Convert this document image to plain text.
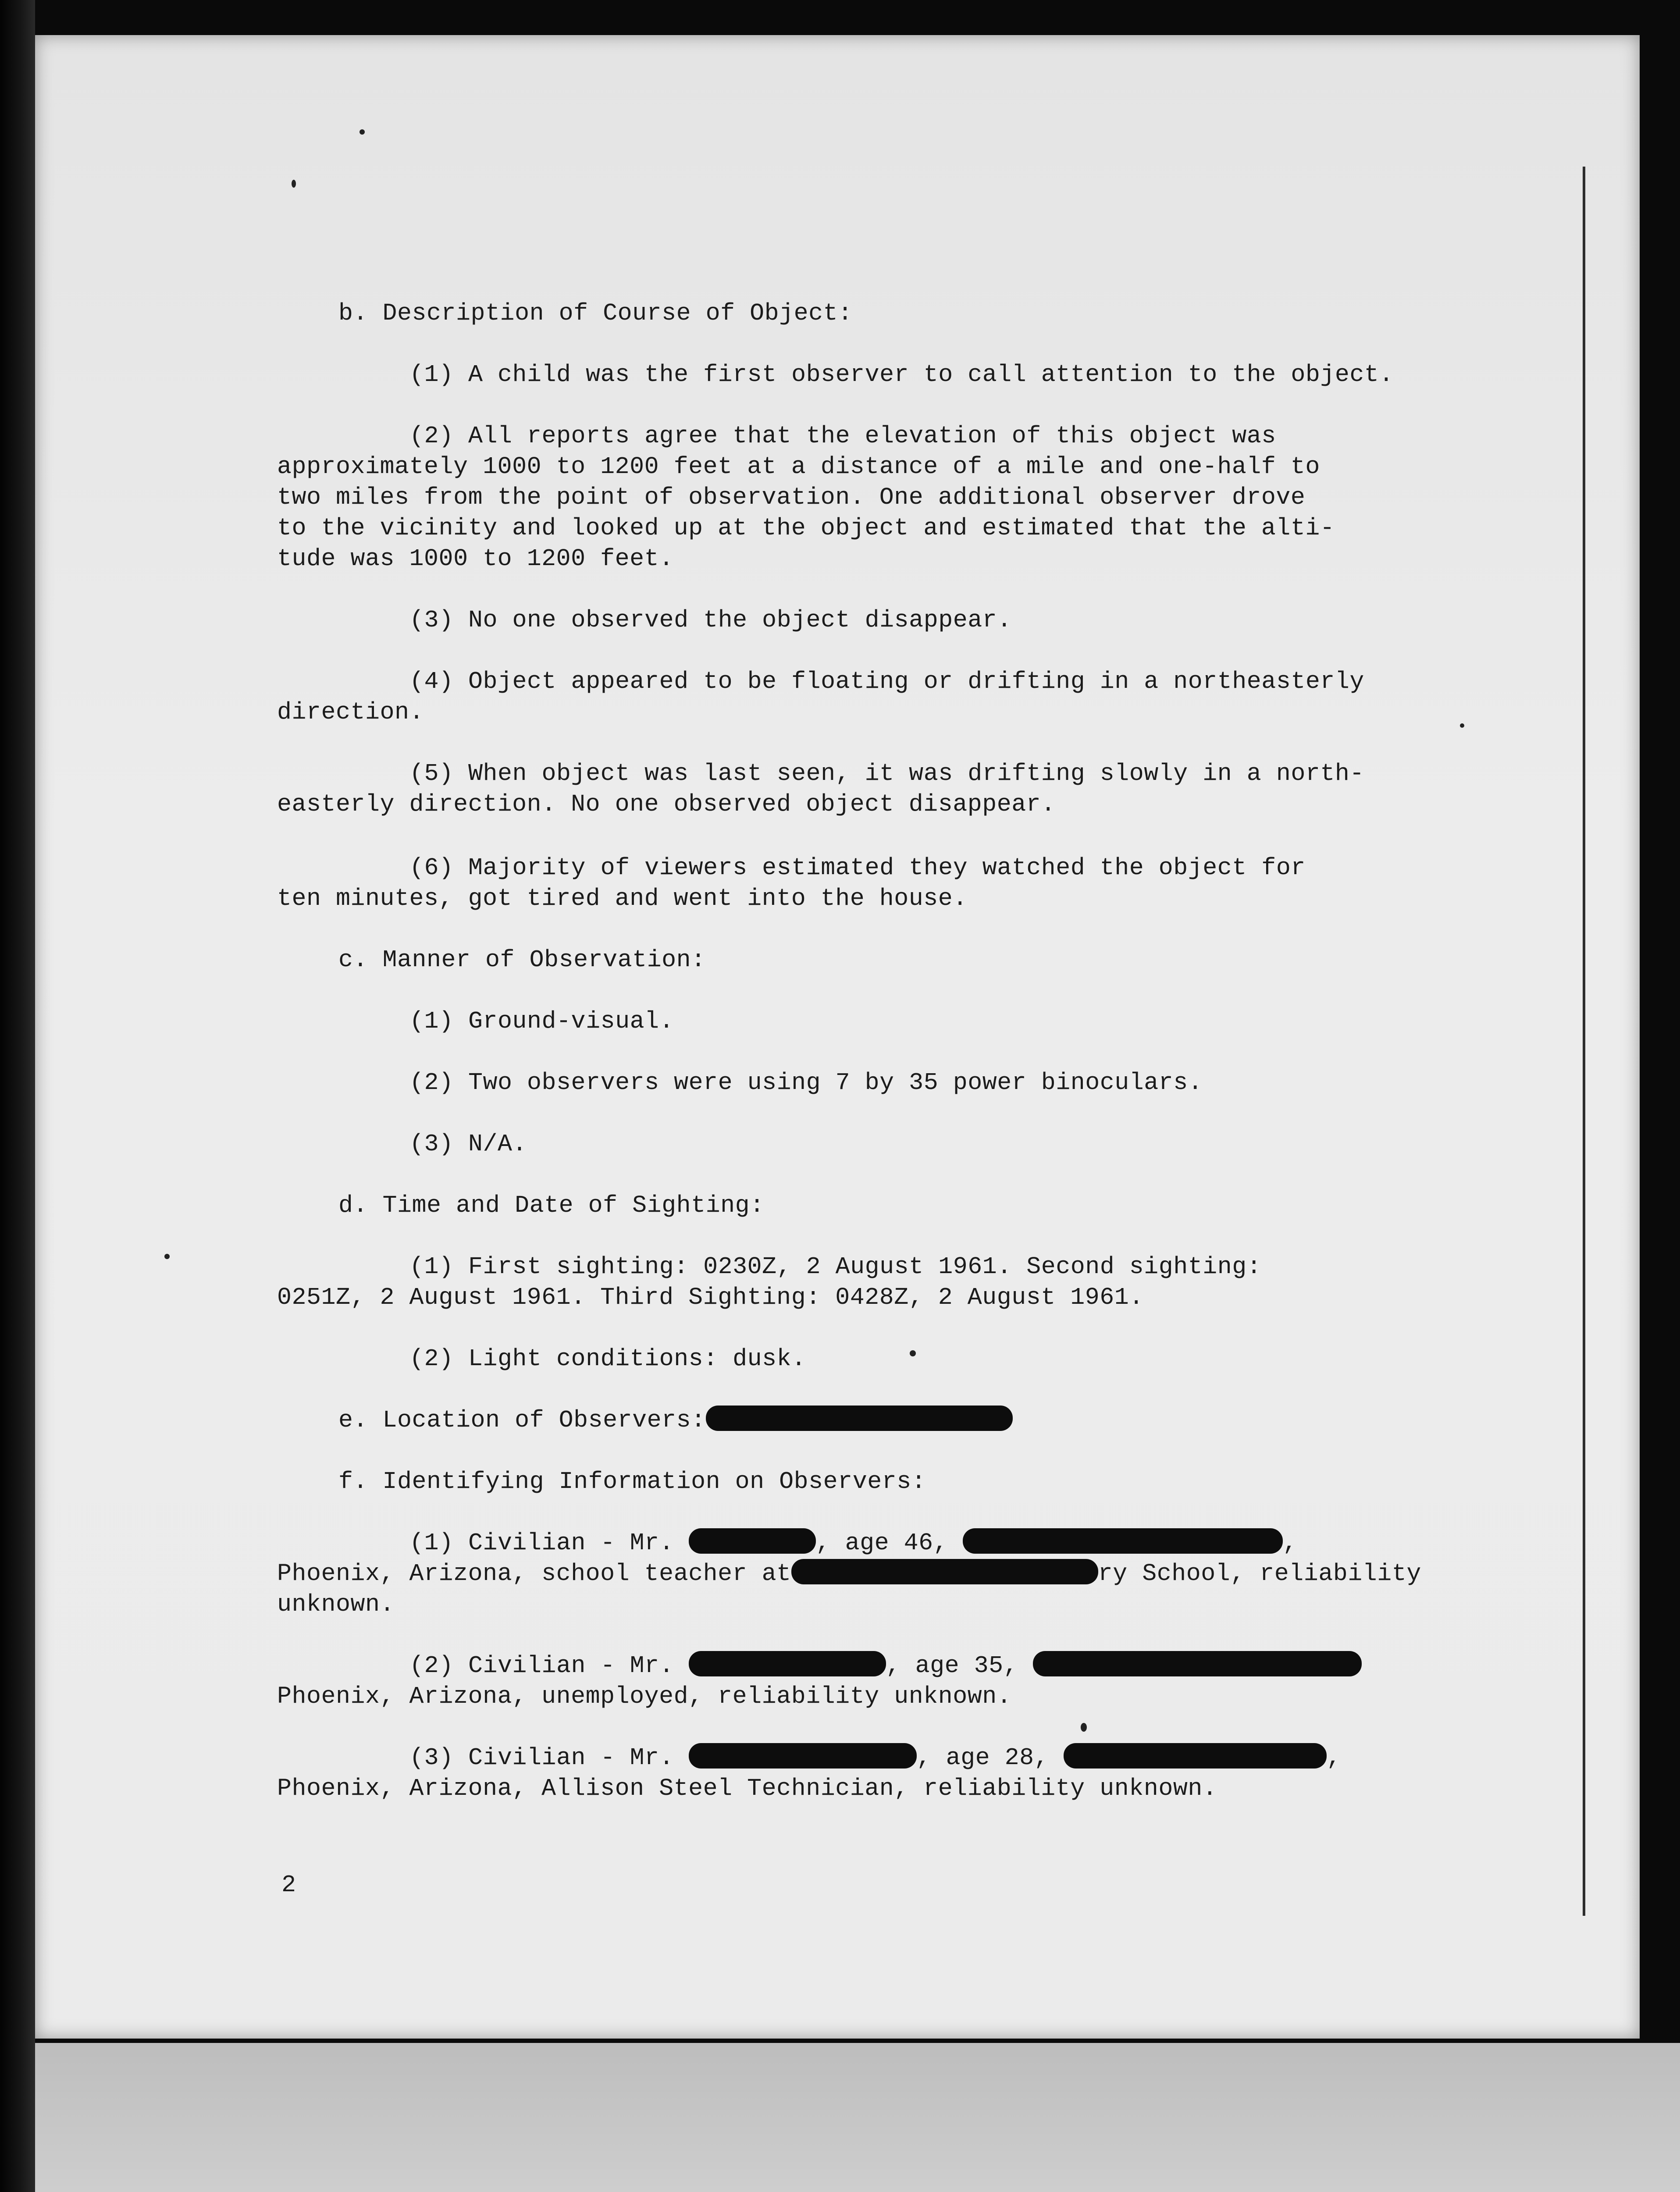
b. Description of Course of Object:
(1) A child was the first observer to call attention to the object.
(2) All reports agree that the elevation of this object was
approximately 1000 to 1200 feet at a distance of a mile and one-half to
two miles from the point of observation. One additional observer drove
to the vicinity and looked up at the object and estimated that the alti-
tude was 1000 to 1200 feet.
(3) No one observed the object disappear.
(4) Object appeared to be floating or drifting in a northeasterly
direction.
(5) When object was last seen, it was drifting slowly in a north-
easterly direction. No one observed object disappear.
(6) Majority of viewers estimated they watched the object for
ten minutes, got tired and went into the house.
c. Manner of Observation:
(1) Ground-visual.
(2) Two observers were using 7 by 35 power binoculars.
(3) N/A.
d. Time and Date of Sighting:
(1) First sighting: 0230Z, 2 August 1961. Second sighting:
0251Z, 2 August 1961. Third Sighting: 0428Z, 2 August 1961.
(2) Light conditions: dusk.
e. Location of Observers:
f. Identifying Information on Observers:
(1) Civilian - Mr.	, age 46,	,
Phoenix, Arizona, school teacher at	ry School, reliability
unknown.
(2) Civilian - Mr.	, age 35,
Phoenix, Arizona, unemployed, reliability unknown.
(3) Civilian - Mr.	, age 28,	,
Phoenix, Arizona, Allison Steel Technician, reliability unknown.
2
